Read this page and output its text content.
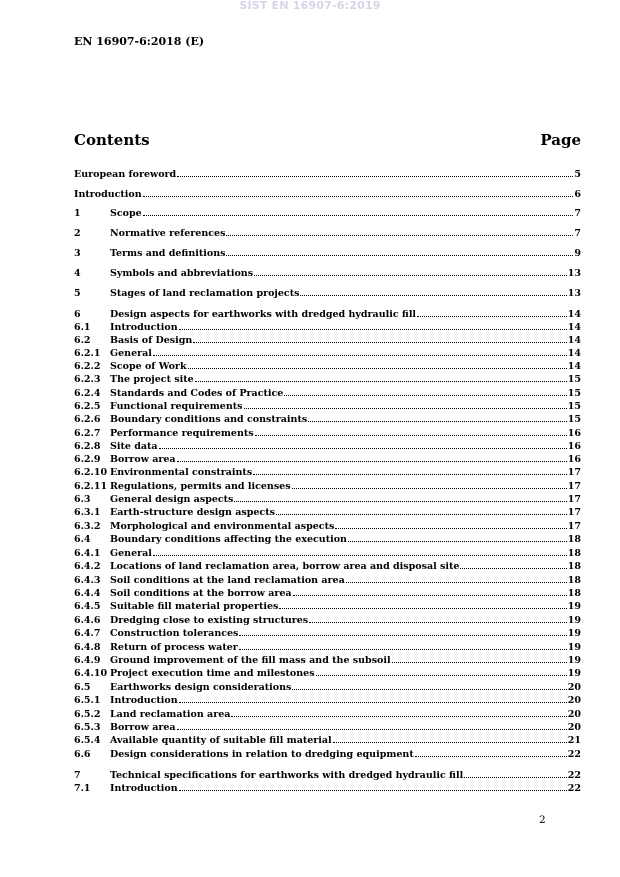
SIST EN 16907-6:2019
EN 16907-6:2018 (E)
Contents	Page
European foreword	5
Introduction	6
1	Scope	7
2	Normative references	7
3	Terms and definitions	9
4	Symbols and abbreviations	13
5	Stages of land reclamation projects	13
6	Design aspects for earthworks with dredged hydraulic fill	14
6.1	Introduction	14
6.2	Basis of Design	14
6.2.1	General	14
6.2.2	Scope of Work	14
6.2.3	The project site	15
6.2.4	Standards and Codes of Practice	15
6.2.5	Functional requirements	15
6.2.6	Boundary conditions and constraints	15
6.2.7	Performance requirements	16
6.2.8	Site data	16
6.2.9	Borrow area	16
6.2.10 Environmental constraints	17
6.2.11 Regulations, permits and licenses	17
6.3	General design aspects	17
6.3.1	Earth-structure design aspects	17
6.3.2	Morphological and environmental aspects	17
6.4	Boundary conditions affecting the execution	18
6.4.1	General	18
6.4.2	Locations of land reclamation area, borrow area and disposal site	18
6.4.3	Soil conditions at the land reclamation area	18
6.4.4	Soil conditions at the borrow area	18
6.4.5	Suitable fill material properties	19
6.4.6	Dredging close to existing structures	19
6.4.7	Construction tolerances	19
6.4.8	Return of process water	19
6.4.9	Ground improvement of the fill mass and the subsoil	19
6.4.10 Project execution time and milestones	19
6.5	Earthworks design considerations	20
6.5.1	Introduction	20
6.5.2	Land reclamation area	20
6.5.3	Borrow area	20
6.5.4	Available quantity of suitable fill material	21
6.6	Design considerations in relation to dredging equipment	22
7	Technical specifications for earthworks with dredged hydraulic fill	22
7.1	Introduction	22
2
